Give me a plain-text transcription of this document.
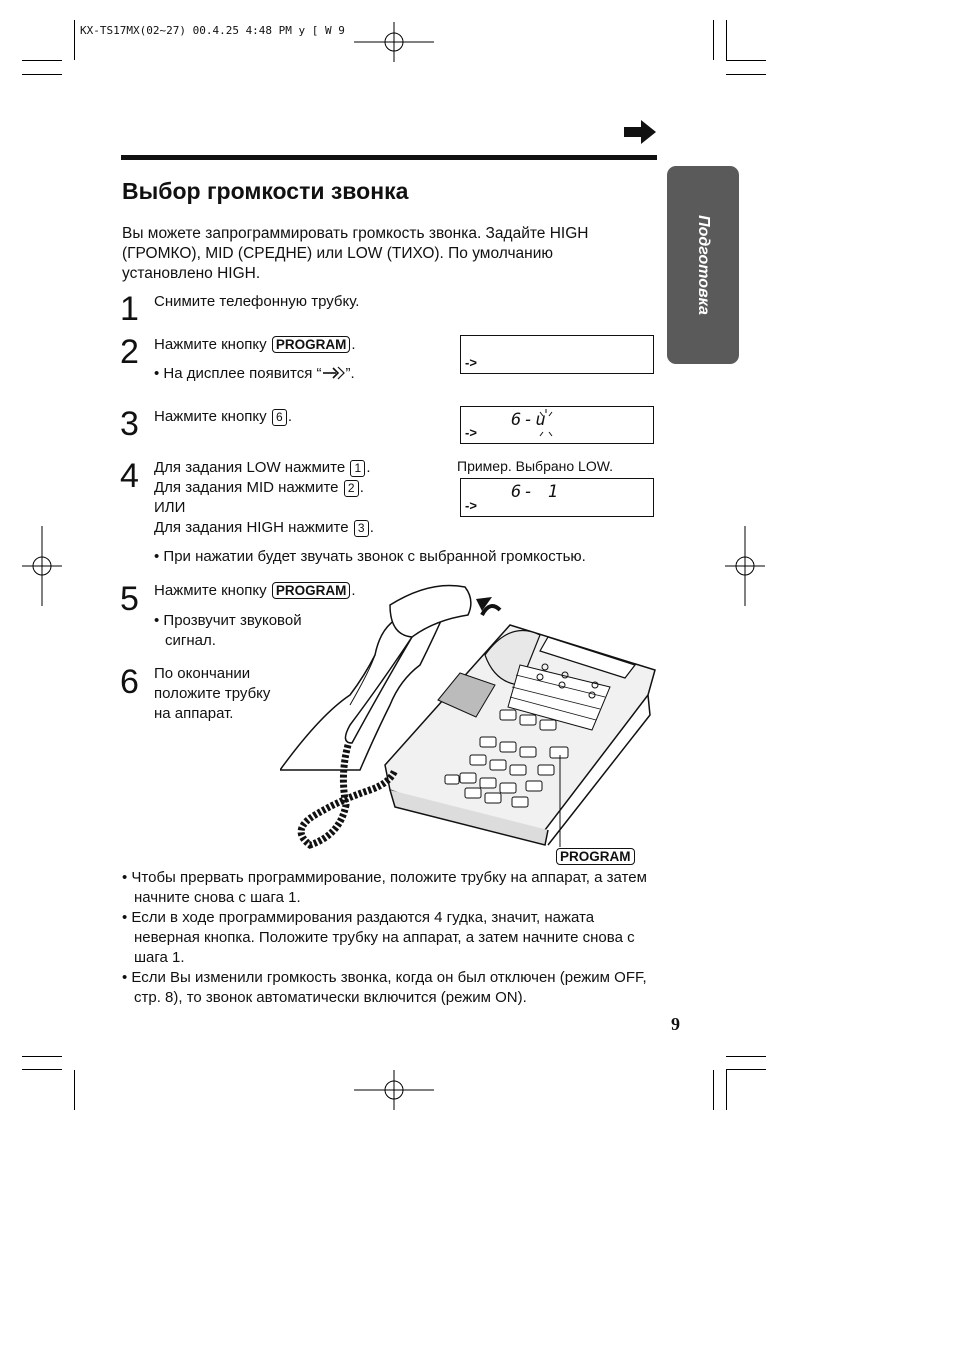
KX-TS17MX(02~27) 00.4.25 4:48 PM y [ W 9
Подготовка
Выбор громкости звонка
Вы можете запрограммировать громкость звонка. Задайте HIGH (ГРОМКО), MID (СРЕДНЕ) или LOW (ТИХО). По умолчанию установлено HIGH.
1 Снимите телефонную трубку.
2 Нажмите кнопку PROGRAM .
• На дисплее появится “ ”.
3 Нажмите кнопку 6 .
4 Для задания LOW нажмите 1 .
Для задания MID нажмите 2 .
ИЛИ
Для задания HIGH нажмите 3 .
• При нажатии будет звучать звонок с выбранной громкостью.
5 Нажмите кнопку PROGRAM .
• Прозвучит звуковой
сигнал.
6 По окончании
положите трубку
на аппарат.
->
->
6-u
Пример. Выбрано LOW.
->
6- 1
PROGRAM
• Чтобы прервать программирование, положите трубку на аппарат, а затем начните снова с шага 1.
• Если в ходе программирования раздаются 4 гудка, значит, нажата неверная кнопка. Положите трубку на аппарат, а затем начните снова с шага 1.
• Если Вы изменили громкость звонка, когда он был отключен (режим OFF, стр. 8), то звонок автоматически включится (режим ON).
9
